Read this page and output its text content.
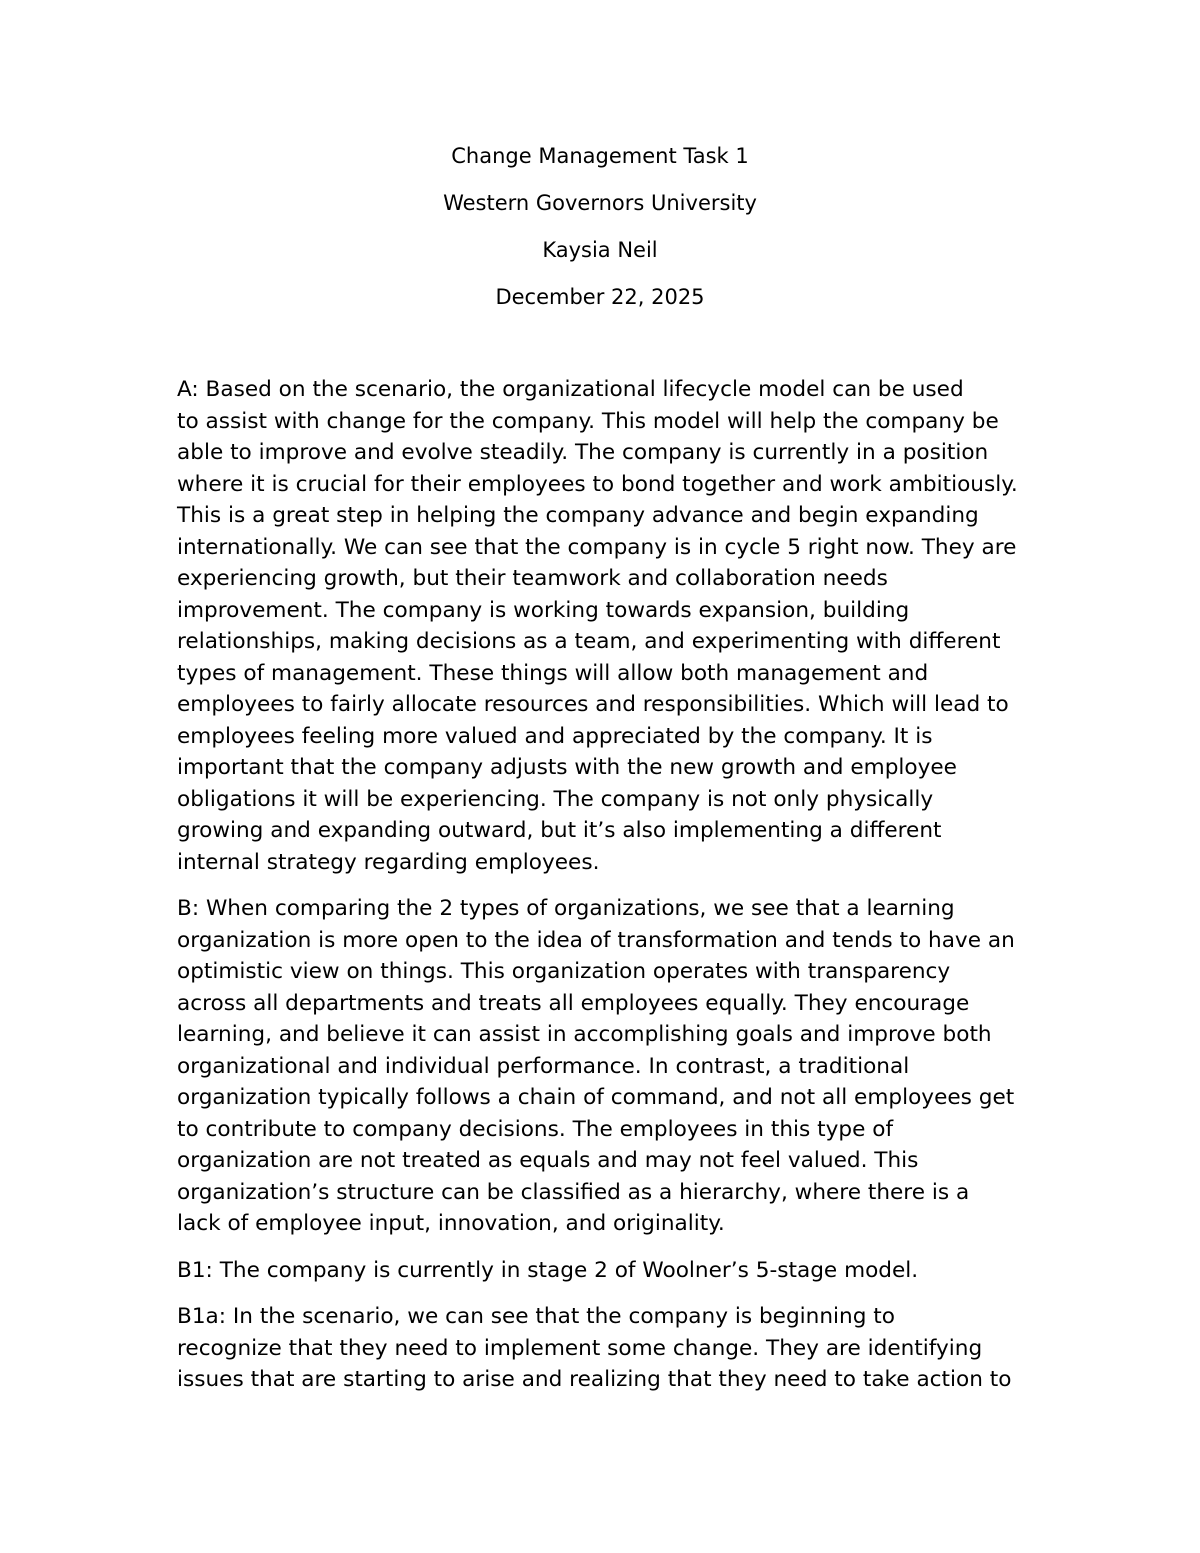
Change Management Task 1
Western Governors University
Kaysia Neil
December 22, 2025
A: Based on the scenario, the organizational lifecycle model can be used
to assist with change for the company. This model will help the company be
able to improve and evolve steadily. The company is currently in a position
where it is crucial for their employees to bond together and work ambitiously.
This is a great step in helping the company advance and begin expanding
internationally. We can see that the company is in cycle 5 right now. They are
experiencing growth, but their teamwork and collaboration needs
improvement. The company is working towards expansion, building
relationships, making decisions as a team, and experimenting with different
types of management. These things will allow both management and
employees to fairly allocate resources and responsibilities. Which will lead to
employees feeling more valued and appreciated by the company. It is
important that the company adjusts with the new growth and employee
obligations it will be experiencing. The company is not only physically
growing and expanding outward, but it’s also implementing a different
internal strategy regarding employees.
B: When comparing the 2 types of organizations, we see that a learning
organization is more open to the idea of transformation and tends to have an
optimistic view on things. This organization operates with transparency
across all departments and treats all employees equally. They encourage
learning, and believe it can assist in accomplishing goals and improve both
organizational and individual performance. In contrast, a traditional
organization typically follows a chain of command, and not all employees get
to contribute to company decisions. The employees in this type of
organization are not treated as equals and may not feel valued. This
organization’s structure can be classified as a hierarchy, where there is a
lack of employee input, innovation, and originality.
B1: The company is currently in stage 2 of Woolner’s 5-stage model.
B1a: In the scenario, we can see that the company is beginning to
recognize that they need to implement some change. They are identifying
issues that are starting to arise and realizing that they need to take action to
